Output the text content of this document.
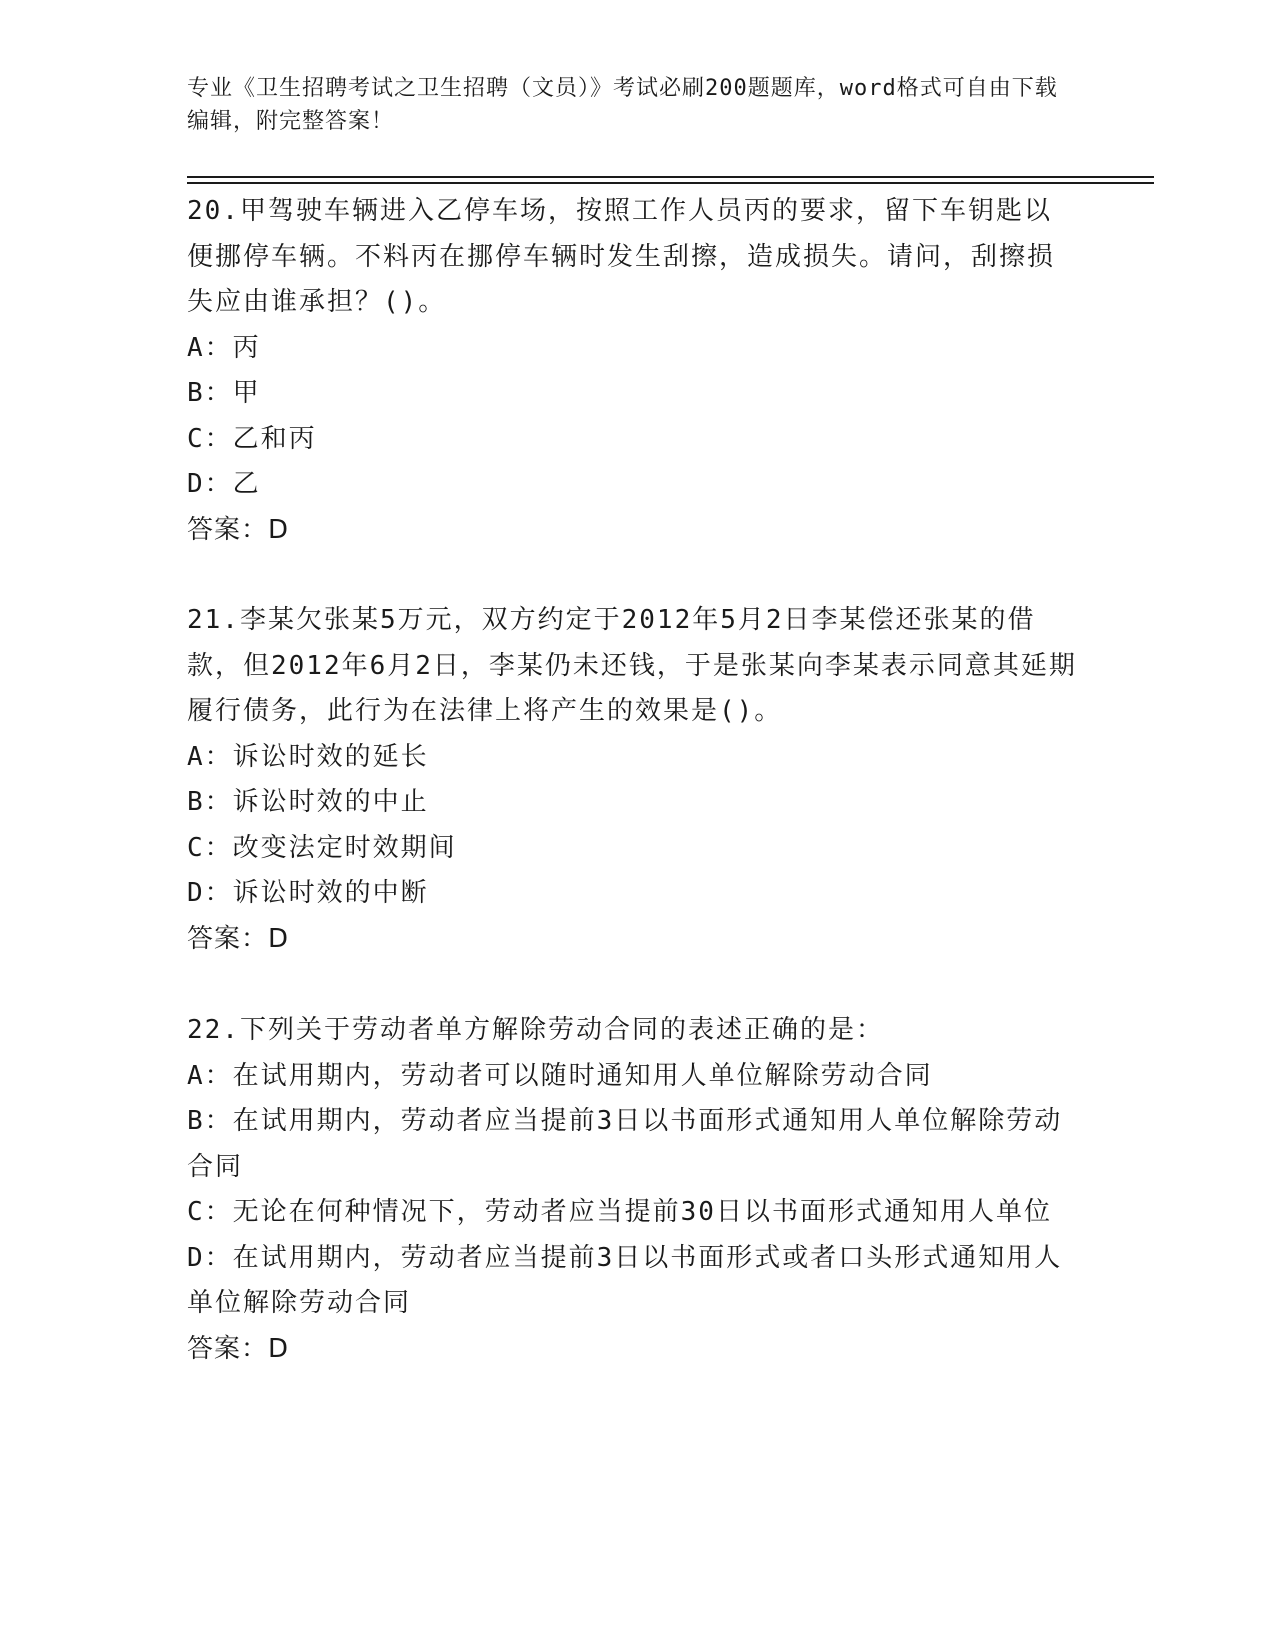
专业《卫生招聘考试之卫生招聘（文员）》考试必刷200题题库，word格式可自由下载编辑，附完整答案！

20.甲驾驶车辆进入乙停车场，按照工作人员丙的要求，留下车钥匙以便挪停车辆。不料丙在挪停车辆时发生刮擦，造成损失。请问，刮擦损失应由谁承担？()。

A：丙

B：甲

C：乙和丙

D：乙

答案：D

21.李某欠张某5万元，双方约定于2012年5月2日李某偿还张某的借款，但2012年6月2日，李某仍未还钱，于是张某向李某表示同意其延期履行债务，此行为在法律上将产生的效果是()。

A：诉讼时效的延长

B：诉讼时效的中止

C：改变法定时效期间

D：诉讼时效的中断

答案：D

22.下列关于劳动者单方解除劳动合同的表述正确的是：

A：在试用期内，劳动者可以随时通知用人单位解除劳动合同

B：在试用期内，劳动者应当提前3日以书面形式通知用人单位解除劳动合同

C：无论在何种情况下，劳动者应当提前30日以书面形式通知用人单位

D：在试用期内，劳动者应当提前3日以书面形式或者口头形式通知用人单位解除劳动合同

答案：D
